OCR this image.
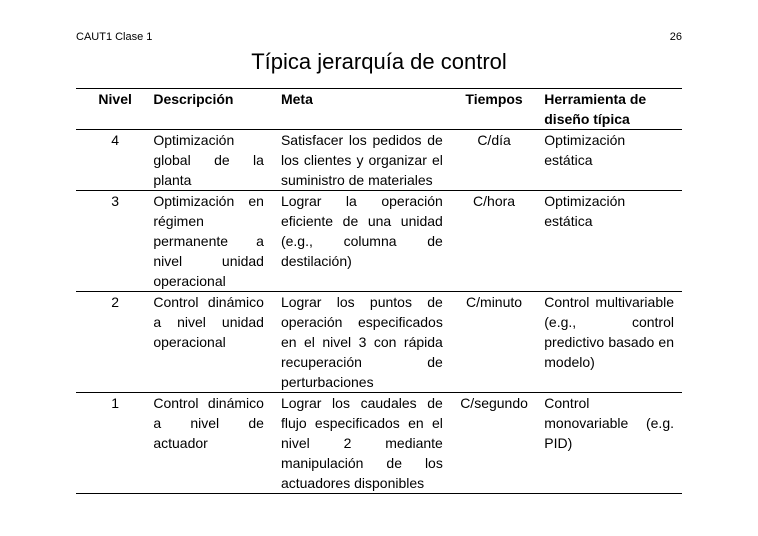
CAUT1 Clase 1	26
Típica jerarquía de control
Nivel	Descripción	Meta	Tiempos	Herramienta de diseño típica
4	Optimización global de la planta	Satisfacer los pedidos de los clientes y organizar el suministro de materiales	C/día	Optimización estática
3	Optimización en régimen permanente a nivel unidad operacional	Lograr la operación eficiente de una unidad (e.g., columna de destilación)	C/hora	Optimización estática
2	Control dinámico a nivel unidad operacional	Lograr los puntos de operación especificados en el nivel 3 con rápida recuperación de perturbaciones	C/minuto	Control multivariable (e.g., control predictivo basado en modelo)
1	Control dinámico a nivel de actuador	Lograr los caudales de flujo especificados en el nivel 2 mediante manipulación de los actuadores disponibles	C/segundo	Control monovariable (e.g. PID)
